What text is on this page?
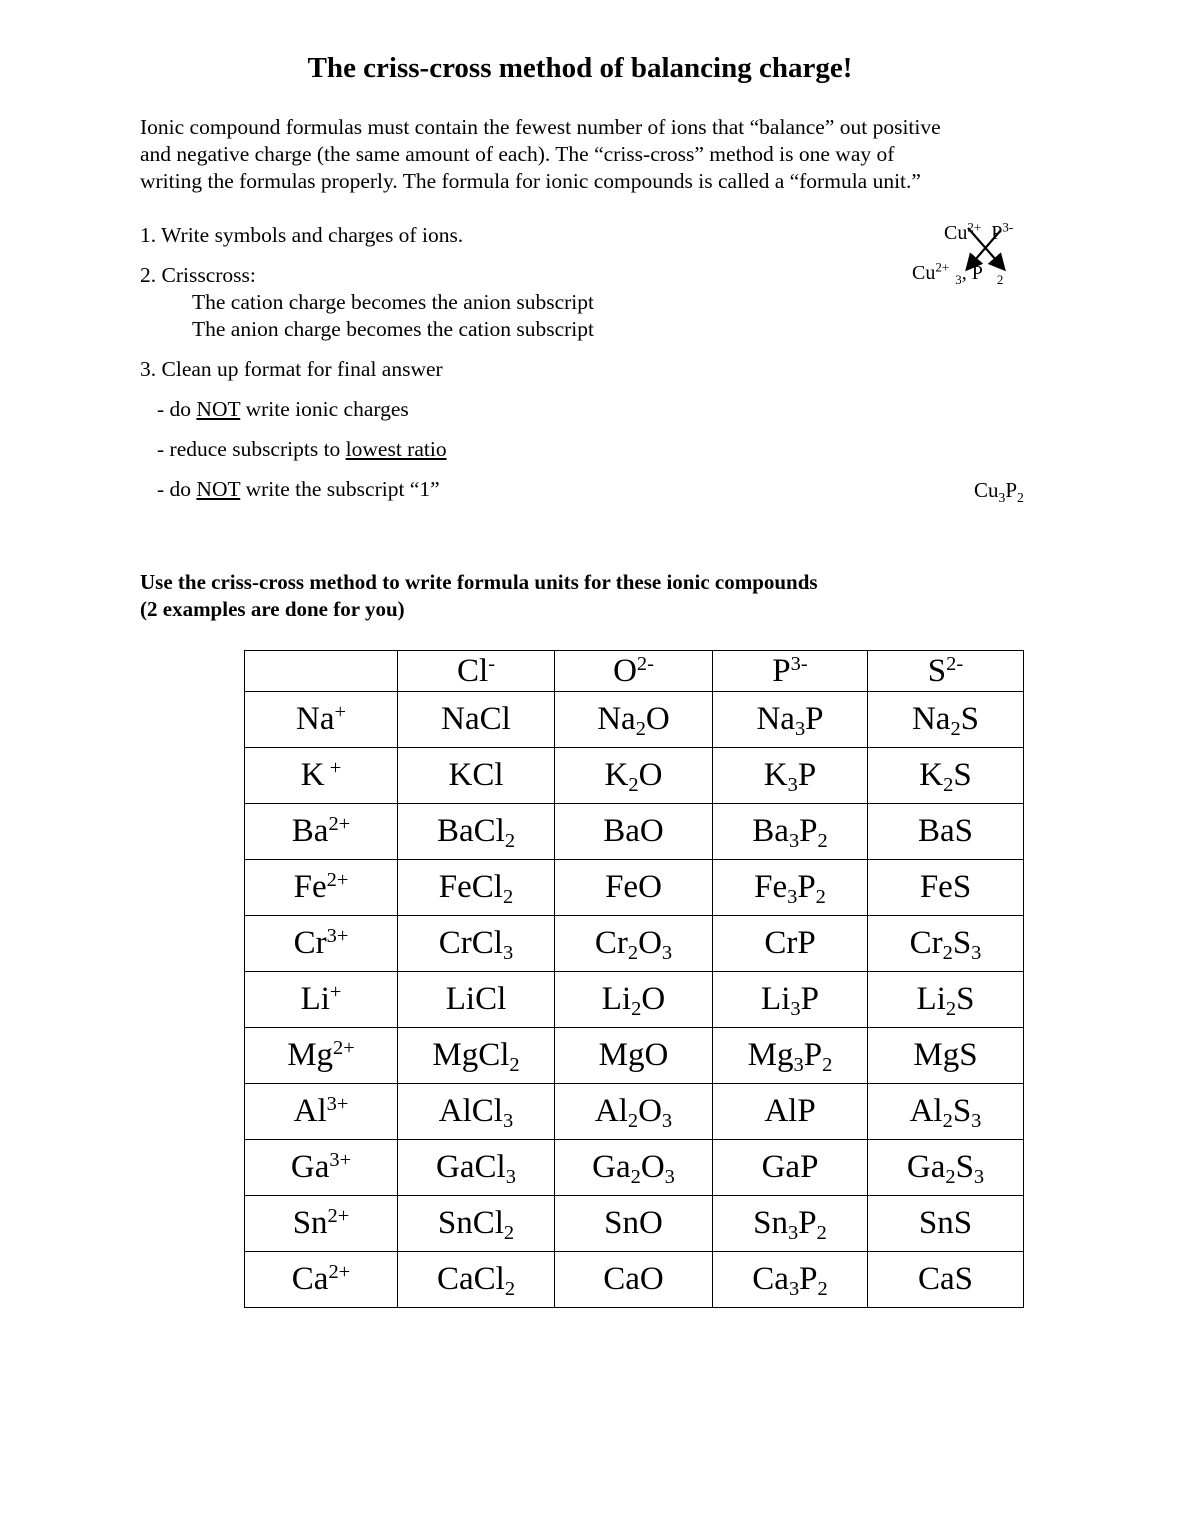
The criss-cross method of balancing charge!
Ionic compound formulas must contain the fewest number of ions that “balance” out positive
and negative charge (the same amount of each). The “criss-cross” method is one way of
writing the formulas properly. The formula for ionic compounds is called a “formula unit.”
1. Write symbols and charges of ions.
2. Crisscross:
The cation charge becomes the anion subscript
The anion charge becomes the cation subscript
3. Clean up format for final answer
- do NOT write ionic charges
- reduce subscripts to lowest ratio
- do NOT write the subscript “1”
$Cu^{2+}$ $P^{3-}$
$Cu^{2+}_3$, P $_2$
$Cu_3P_2$
Use the criss-cross method to write formula units for these ionic compounds
(2 examples are done for you)
	Cl-	$O^{2-}$	$P^{3-}$	$S^{2-}$
Na+	NaCl	Na2O	Na3P	Na2S
K +	KCl	K2O	K3P	K2S
$Ba^{2+}$	BaCl2	BaO	Ba3P2	BaS
$Fe^{2+}$	FeCl2	FeO	Fe3P2	FeS
$Cr^{3+}$	CrCl3	Cr2O3	CrP	Cr2S3
Li+	LiCl	Li2O	Li3P	Li2S
$Mg^{2+}$	MgCl2	MgO	Mg3P2	MgS
$Al^{3+}$	AlCl3	Al2O3	AlP	Al2S3
$Ga^{3+}$	GaCl3	Ga2O3	GaP	Ga2S3
$Sn^{2+}$	SnCl2	SnO	Sn3P2	SnS
$Ca^{2+}$	CaCl2	CaO	Ca3P2	CaS
